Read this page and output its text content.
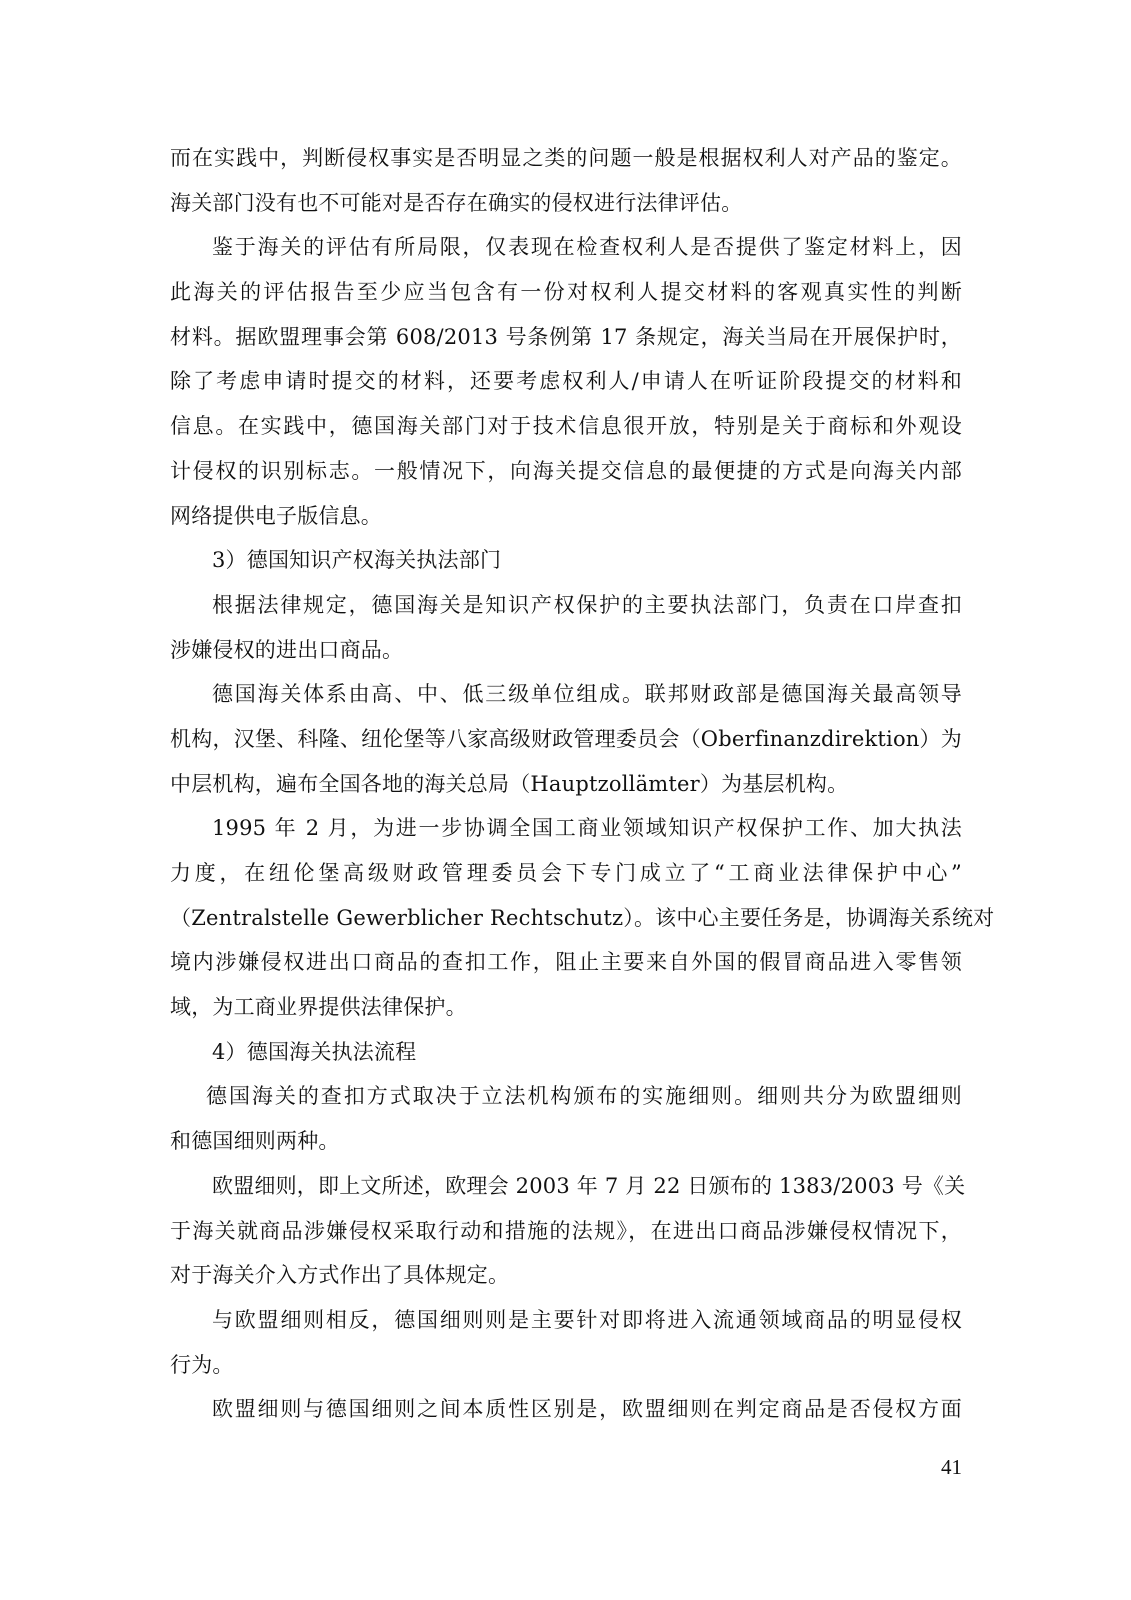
而在实践中，判断侵权事实是否明显之类的问题一般是根据权利人对产品的鉴定。
海关部门没有也不可能对是否存在确实的侵权进行法律评估。
鉴于海关的评估有所局限，仅表现在检查权利人是否提供了鉴定材料上，因
此海关的评估报告至少应当包含有一份对权利人提交材料的客观真实性的判断
材料。据欧盟理事会第 608/2013 号条例第 17 条规定，海关当局在开展保护时，
除了考虑申请时提交的材料，还要考虑权利人/申请人在听证阶段提交的材料和
信息。在实践中，德国海关部门对于技术信息很开放，特别是关于商标和外观设
计侵权的识别标志。一般情况下，向海关提交信息的最便捷的方式是向海关内部
网络提供电子版信息。
3）德国知识产权海关执法部门
根据法律规定，德国海关是知识产权保护的主要执法部门，负责在口岸查扣
涉嫌侵权的进出口商品。
德国海关体系由高、中、低三级单位组成。联邦财政部是德国海关最高领导
机构，汉堡、科隆、纽伦堡等八家高级财政管理委员会（Oberfinanzdirektion）为
中层机构，遍布全国各地的海关总局（Hauptzollämter）为基层机构。
1995 年 2 月，为进一步协调全国工商业领域知识产权保护工作、加大执法
力度，在纽伦堡高级财政管理委员会下专门成立了“工商业法律保护中心”
（Zentralstelle Gewerblicher Rechtschutz）。该中心主要任务是，协调海关系统对
境内涉嫌侵权进出口商品的查扣工作，阻止主要来自外国的假冒商品进入零售领
域，为工商业界提供法律保护。
4）德国海关执法流程
德国海关的查扣方式取决于立法机构颁布的实施细则。细则共分为欧盟细则
和德国细则两种。
欧盟细则，即上文所述，欧理会 2003 年 7 月 22 日颁布的 1383/2003 号《关
于海关就商品涉嫌侵权采取行动和措施的法规》，在进出口商品涉嫌侵权情况下，
对于海关介入方式作出了具体规定。
与欧盟细则相反，德国细则则是主要针对即将进入流通领域商品的明显侵权
行为。
欧盟细则与德国细则之间本质性区别是，欧盟细则在判定商品是否侵权方面
41
